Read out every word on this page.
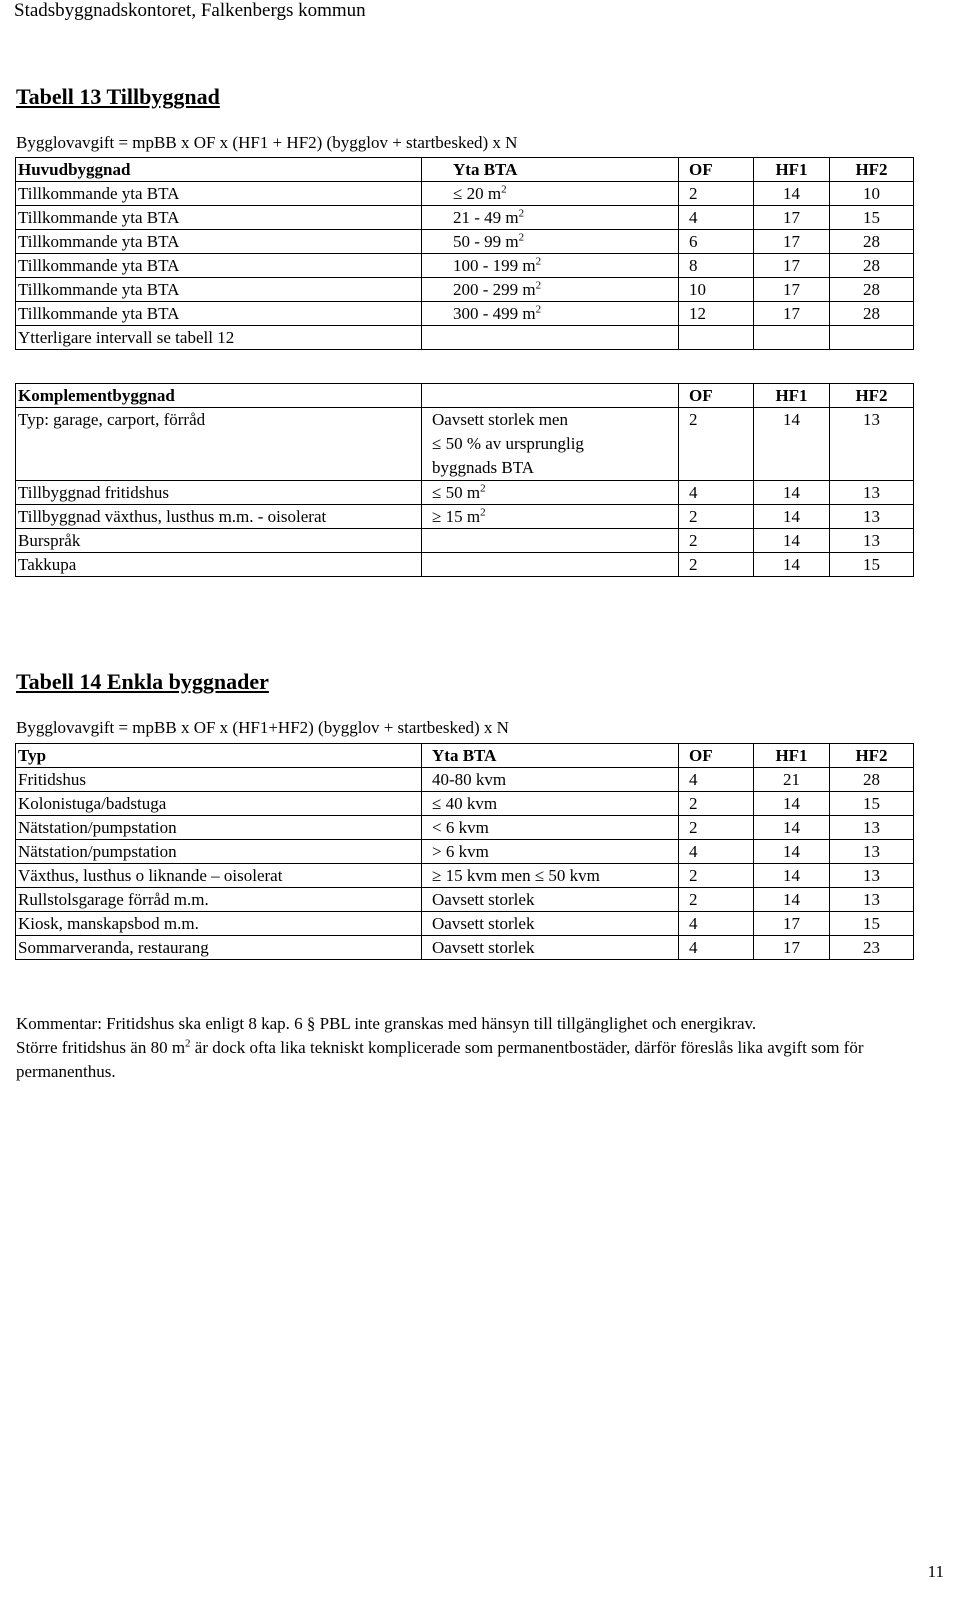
Stadsbyggnadskontoret, Falkenbergs kommun
Tabell 13 Tillbyggnad
Bygglovavgift = mpBB x OF x (HF1 + HF2) (bygglov + startbesked) x N
Huvudbyggnad	Yta BTA	OF	HF1	HF2
Tillkommande yta BTA	≤ 20 $m^2$	2	14	10
Tillkommande yta BTA	21 - 49 $m^2$	4	17	15
Tillkommande yta BTA	50 - 99 $m^2$	6	17	28
Tillkommande yta BTA	100 - 199 $m^2$	8	17	28
Tillkommande yta BTA	200 - 299 $m^2$	10	17	28
Tillkommande yta BTA	300 - 499 $m^2$	12	17	28
Ytterligare intervall se tabell 12				
Komplementbyggnad		OF	HF1	HF2
Typ: garage, carport, förråd	Oavsett storlek men
≤ 50 % av ursprunglig
byggnads BTA	2	14	13
Tillbyggnad fritidshus	≤ 50 $m^2$	4	14	13
Tillbyggnad växthus, lusthus m.m. - oisolerat	≥ 15 $m^2$	2	14	13
Burspråk		2	14	13
Takkupa		2	14	15
Tabell 14 Enkla byggnader
Bygglovavgift = mpBB x OF x (HF1+HF2) (bygglov + startbesked) x N
Typ	Yta BTA	OF	HF1	HF2
Fritidshus	40-80 kvm	4	21	28
Kolonistuga/badstuga	≤ 40 kvm	2	14	15
Nätstation/pumpstation	< 6 kvm	2	14	13
Nätstation/pumpstation	> 6 kvm	4	14	13
Växthus, lusthus o liknande – oisolerat	≥ 15 kvm men ≤ 50 kvm	2	14	13
Rullstolsgarage förråd m.m.	Oavsett storlek	2	14	13
Kiosk, manskapsbod m.m.	Oavsett storlek	4	17	15
Sommarveranda, restaurang	Oavsett storlek	4	17	23
Kommentar: Fritidshus ska enligt 8 kap. 6 § PBL inte granskas med hänsyn till tillgänglighet och energikrav.
Större fritidshus än 80 $m^2$ är dock ofta lika tekniskt komplicerade som permanentbostäder, därför föreslås lika avgift som för permanenthus.
11
